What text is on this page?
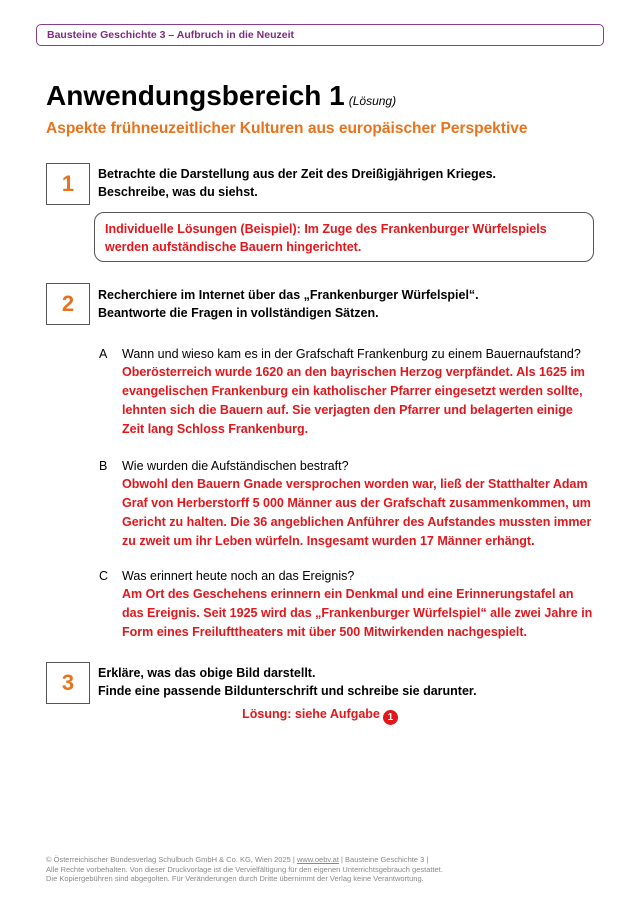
Bausteine Geschichte 3 – Aufbruch in die Neuzeit
Anwendungsbereich 1 (Lösung)
Aspekte frühneuzeitlicher Kulturen aus europäischer Perspektive
1	Betrachte die Darstellung aus der Zeit des Dreißigjährigen Krieges.
Beschreibe, was du siehst.
Individuelle Lösungen (Beispiel): Im Zuge des Frankenburger Würfelspiels werden aufständische Bauern hingerichtet.
2	Recherchiere im Internet über das „Frankenburger Würfelspiel“.
Beantworte die Fragen in vollständigen Sätzen.
A Wann und wieso kam es in der Grafschaft Frankenburg zu einem Bauernaufstand?
Oberösterreich wurde 1620 an den bayrischen Herzog verpfändet. Als 1625 im evangelischen Frankenburg ein katholischer Pfarrer eingesetzt werden sollte, lehnten sich die Bauern auf. Sie verjagten den Pfarrer und belagerten einige Zeit lang Schloss Frankenburg.
B Wie wurden die Aufständischen bestraft?
Obwohl den Bauern Gnade versprochen worden war, ließ der Statthalter Adam Graf von Herberstorff 5 000 Männer aus der Grafschaft zusammenkommen, um Gericht zu halten. Die 36 angeblichen Anführer des Aufstandes mussten immer zu zweit um ihr Leben würfeln. Insgesamt wurden 17 Männer erhängt.
C Was erinnert heute noch an das Ereignis?
Am Ort des Geschehens erinnern ein Denkmal und eine Erinnerungstafel an das Ereignis. Seit 1925 wird das „Frankenburger Würfelspiel“ alle zwei Jahre in Form eines Freilufttheaters mit über 500 Mitwirkenden nachgespielt.
3	Erkläre, was das obige Bild darstellt.
Finde eine passende Bildunterschrift und schreibe sie darunter.
Lösung: siehe Aufgabe 1
© Österreichischer Bundesverlag Schulbuch GmbH & Co. KG, Wien 2025 | www.oebv.at | Bausteine Geschichte 3 |
Alle Rechte vorbehalten. Von dieser Druckvorlage ist die Vervielfältigung für den eigenen Unterrichtsgebrauch gestattet.
Die Kopiergebühren sind abgegolten. Für Veränderungen durch Dritte übernimmt der Verlag keine Verantwortung.
